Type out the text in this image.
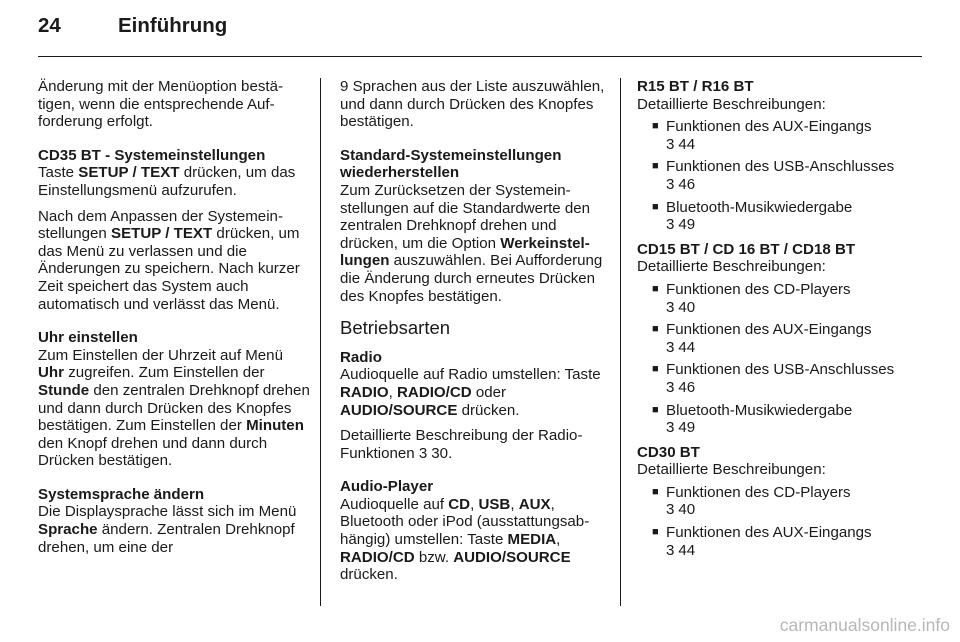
24	Einführung

Änderung mit der Menüoption bestätigen, wenn die entsprechende Aufforderung erfolgt.

CD35 BT - Systemeinstellungen

Taste SETUP / TEXT drücken, um das Einstellungsmenü aufzurufen.

Nach dem Anpassen der Systemeinstellungen SETUP / TEXT drücken, um das Menü zu verlassen und die Änderungen zu speichern. Nach kurzer Zeit speichert das System auch automatisch und verlässt das Menü.

Uhr einstellen

Zum Einstellen der Uhrzeit auf Menü Uhr zugreifen. Zum Einstellen der Stunde den zentralen Drehknopf drehen und dann durch Drücken des Knopfes bestätigen. Zum Einstellen der Minuten den Knopf drehen und dann durch Drücken bestätigen.

Systemsprache ändern

Die Displaysprache lässt sich im Menü Sprache ändern. Zentralen Drehknopf drehen, um eine der

9 Sprachen aus der Liste auszuwählen, und dann durch Drücken des Knopfes bestätigen.

Standard-Systemeinstellungen wiederherstellen

Zum Zurücksetzen der Systemeinstellungen auf die Standardwerte den zentralen Drehknopf drehen und drücken, um die Option Werkeinstellungen auszuwählen. Bei Aufforderung die Änderung durch erneutes Drücken des Knopfes bestätigen.

Betriebsarten

Radio

Audioquelle auf Radio umstellen: Taste RADIO, RADIO/CD oder AUDIO/SOURCE drücken.

Detaillierte Beschreibung der RadioFunktionen 3 30.

Audio-Player

Audioquelle auf CD, USB, AUX, Bluetooth oder iPod (ausstattungsabhängig) umstellen: Taste MEDIA, RADIO/CD bzw. AUDIO/SOURCE drücken.

R15 BT / R16 BT

Detaillierte Beschreibungen:

■ Funktionen des AUX-Eingangs
3 44
■ Funktionen des USB-Anschlusses
3 46
■ Bluetooth-Musikwiedergabe
3 49

CD15 BT / CD 16 BT / CD18 BT

Detaillierte Beschreibungen:

■ Funktionen des CD-Players
3 40
■ Funktionen des AUX-Eingangs
3 44
■ Funktionen des USB-Anschlusses
3 46
■ Bluetooth-Musikwiedergabe
3 49

CD30 BT

Detaillierte Beschreibungen:

■ Funktionen des CD-Players
3 40
■ Funktionen des AUX-Eingangs
3 44
carmanualsonline.info
